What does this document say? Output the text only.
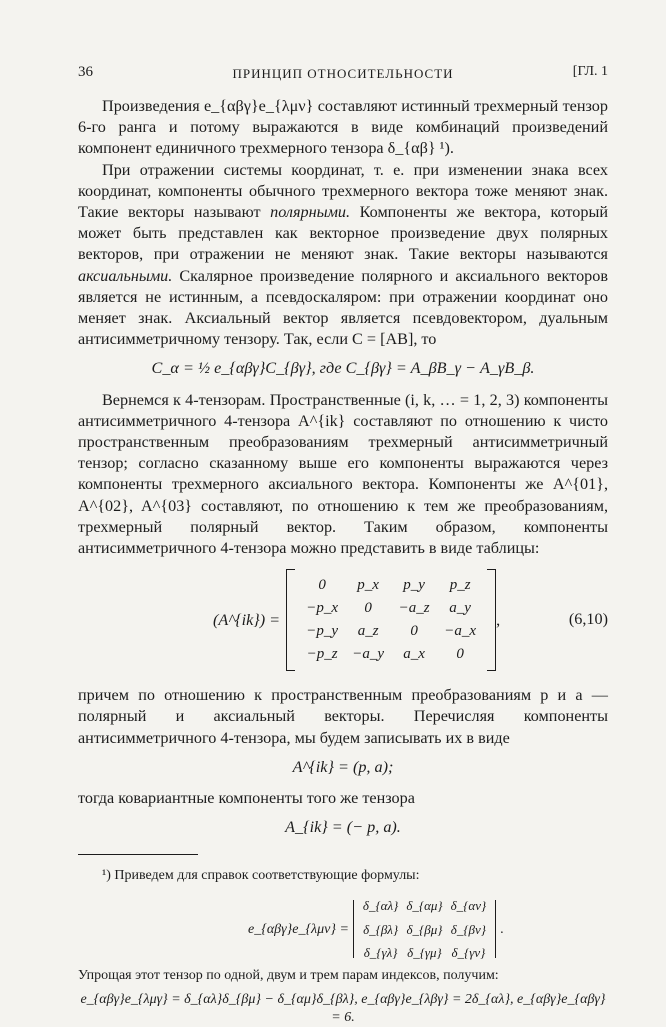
36	ПРИНЦИП ОТНОСИТЕЛЬНОСТИ	[ГЛ. 1

Произведения e_{αβγ}e_{λμν} составляют истинный трехмерный тензор 6-го ранга и потому выражаются в виде комбинаций произведений компонент единичного трехмерного тензора δ_{αβ} ¹).

При отражении системы координат, т. е. при изменении знака всех координат, компоненты обычного трехмерного вектора тоже меняют знак. Такие векторы называют полярными. Компоненты же вектора, который может быть представлен как векторное произведение двух полярных векторов, при отражении не меняют знак. Такие векторы называются аксиальными. Скалярное произведение полярного и аксиального векторов является не истинным, а псевдоскаляром: при отражении координат оно меняет знак. Аксиальный вектор является псевдовектором, дуальным антисимметричному тензору. Так, если C = [AB], то

C_α = ½ e_{αβγ}C_{βγ}, где C_{βγ} = A_βB_γ − A_γB_β.

Вернемся к 4-тензорам. Пространственные (i, k, … = 1, 2, 3) компоненты антисимметричного 4-тензора A^{ik} составляют по отношению к чисто пространственным преобразованиям трехмерный антисимметричный тензор; согласно сказанному выше его компоненты выражаются через компоненты трехмерного аксиального вектора. Компоненты же A^{01}, A^{02}, A^{03} составляют, по отношению к тем же преобразованиям, трехмерный полярный вектор. Таким образом, компоненты антисимметричного 4-тензора можно представить в виде таблицы:

(A^{ik}) =
0	p_x	p_y	p_z
−p_x	0	−a_z	a_y
−p_y	a_z	0	−a_x
−p_z	−a_y	a_x	0
,	(6,10)

причем по отношению к пространственным преобразованиям p и a — полярный и аксиальный векторы. Перечисляя компоненты антисимметричного 4-тензора, мы будем записывать их в виде

A^{ik} = (p, a);

тогда ковариантные компоненты того же тензора

A_{ik} = (− p, a).

¹) Приведем для справок соответствующие формулы:

e_{αβγ}e_{λμν} =
δ_{αλ}	δ_{αμ}	δ_{αν}
δ_{βλ}	δ_{βμ}	δ_{βν}
δ_{γλ}	δ_{γμ}	δ_{γν}
.

Упрощая этот тензор по одной, двум и трем парам индексов, получим:

e_{αβγ}e_{λμγ} = δ_{αλ}δ_{βμ} − δ_{αμ}δ_{βλ}, e_{αβγ}e_{λβγ} = 2δ_{αλ}, e_{αβγ}e_{αβγ} = 6.
